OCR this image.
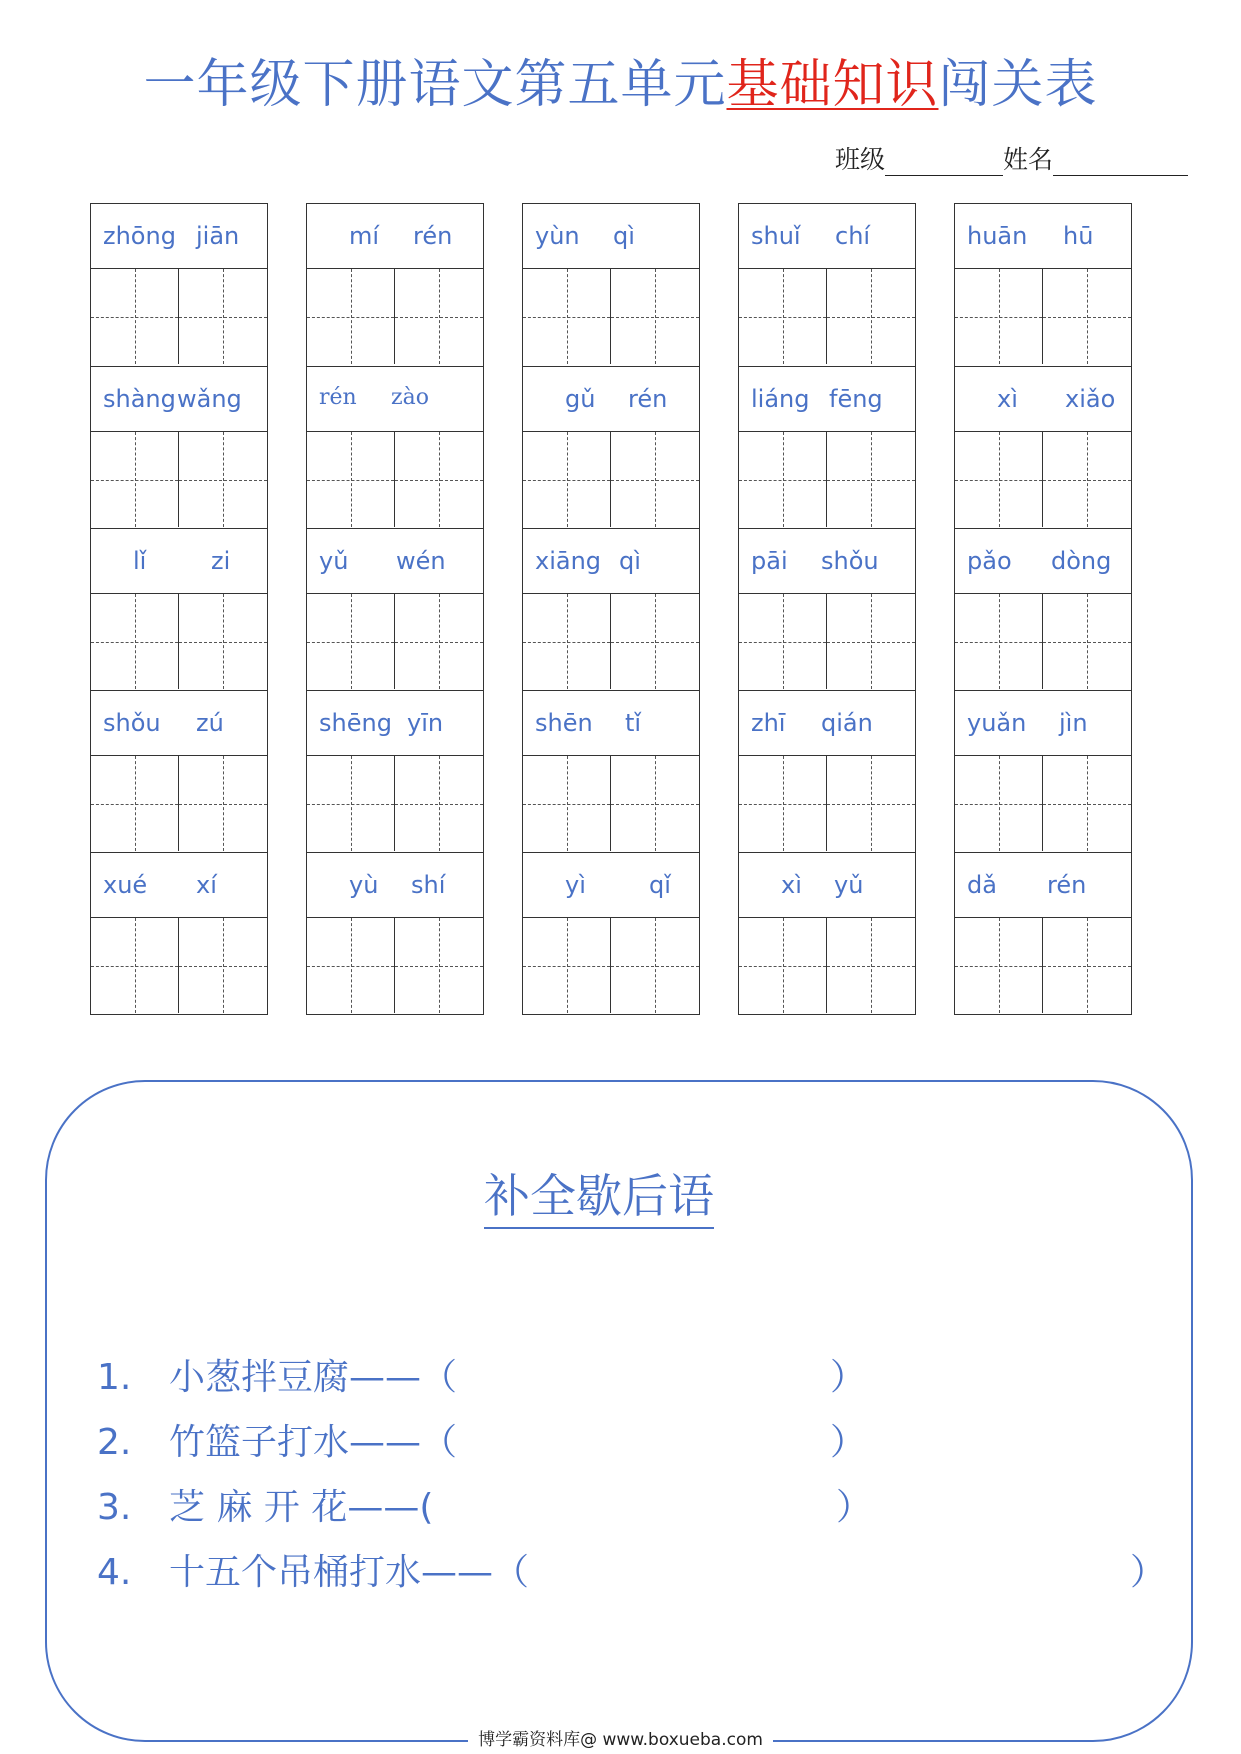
一年级下册语文第五单元基础知识闯关表
班级	姓名
zhōng jiān
shàng wǎng
lǐ	zi
shǒu zú
xué xí
mí rén
rén zào
yǔ wén
shēng yīn
yù shí
yùn qì
gǔ rén
xiāng qì
shēn tǐ
yì	qǐ
shuǐ chí
liáng fēng
pāi shǒu
zhī qián
xì yǔ
huān hū
xì xiǎo
pǎo dòng
yuǎn jìn
dǎ rén
补全歇后语
1. 小葱拌豆腐——（	）
2. 竹篮子打水——（	）
3. 芝 麻 开 花——(	）
4. 十五个吊桶打水——（	）
博学霸资料库@ www.boxueba.com
